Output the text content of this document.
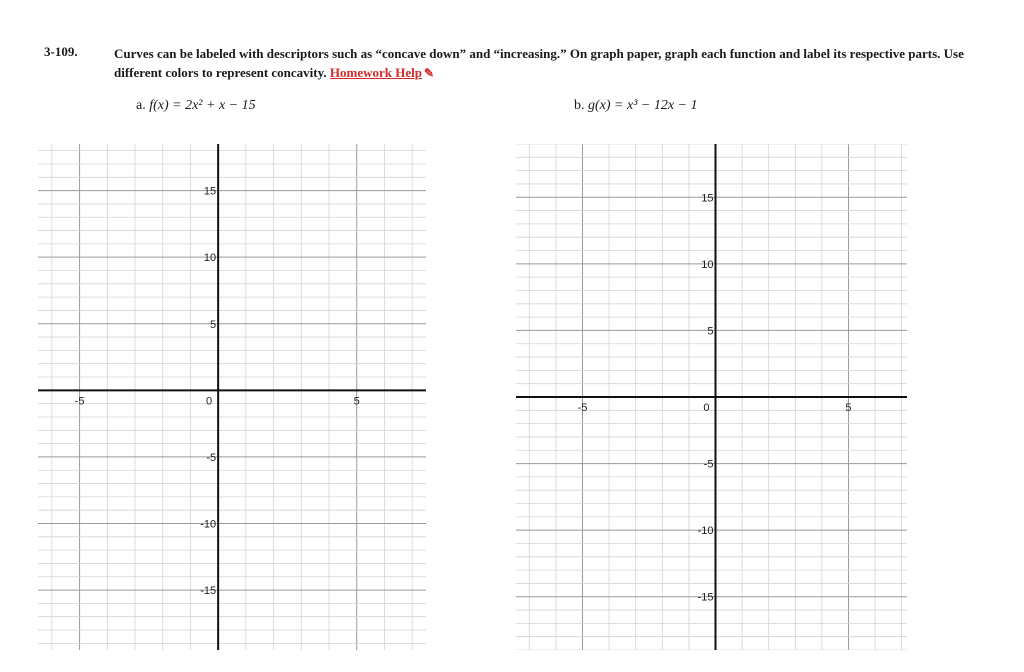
3-109.	Curves can be labeled with descriptors such as “concave down” and “increasing.” On graph paper, graph each function and label its respective parts. Use different colors to represent concavity. Homework Help ✎
a. f(x) = 2x² + x − 15	b. g(x) = x³ − 12x − 1
-5	0	5
15
10
5
-5
-10
-15
-5	0	5
15
10
5
-5
-10
-15
